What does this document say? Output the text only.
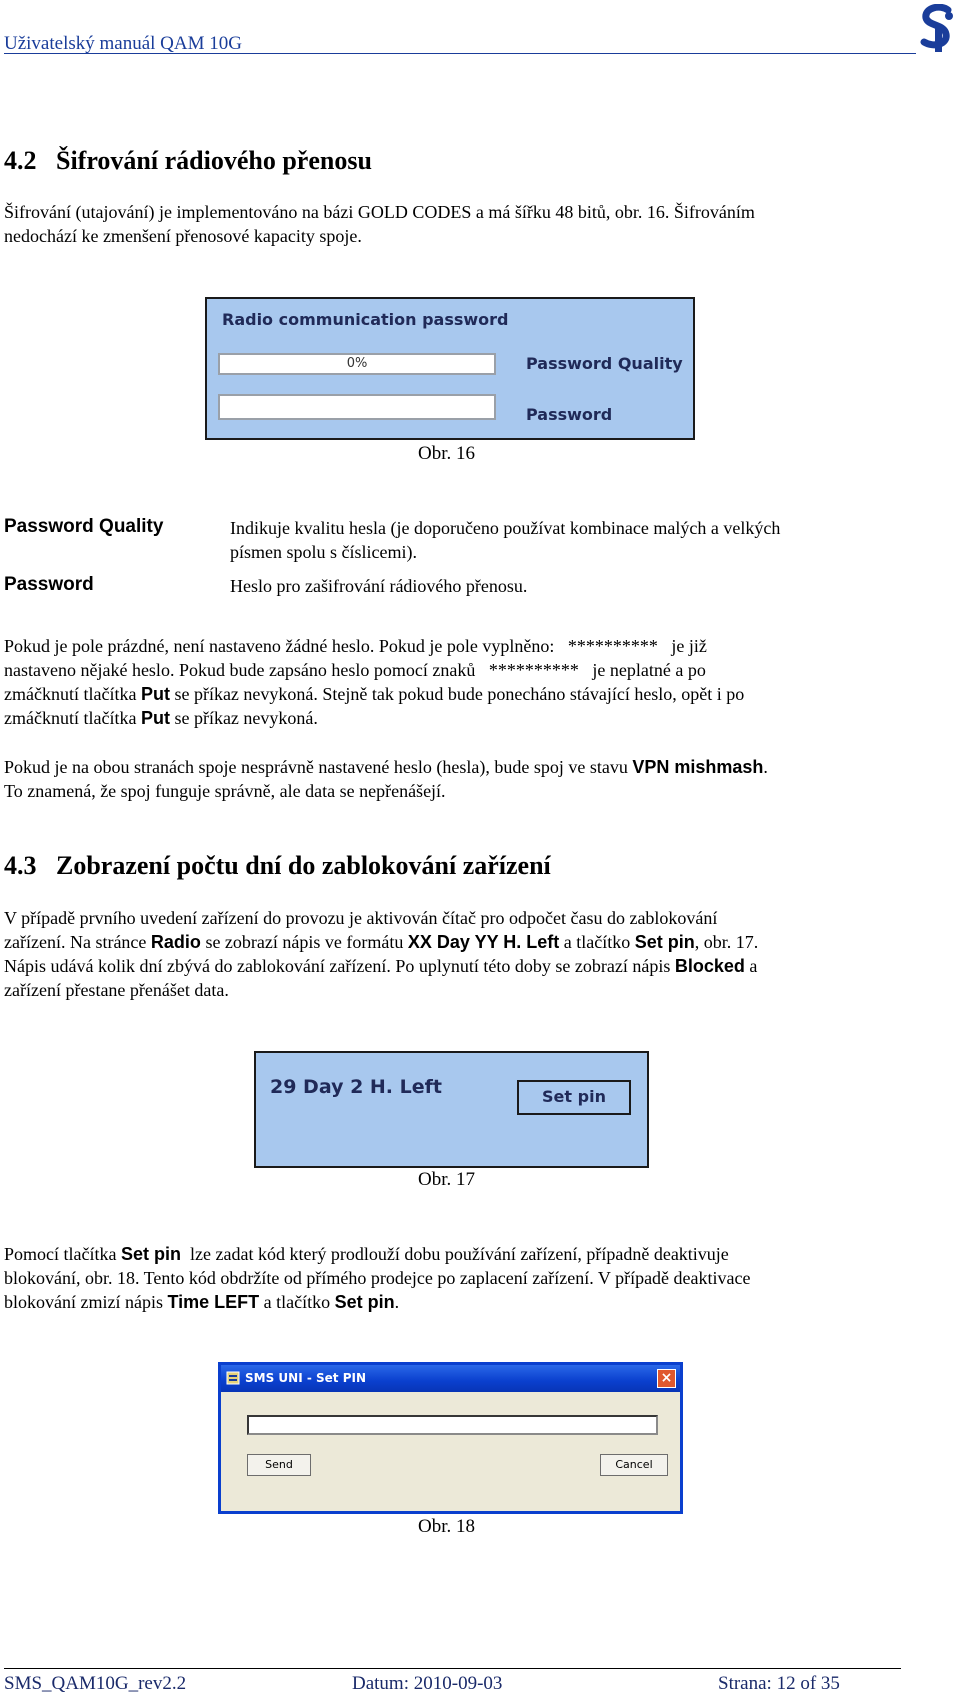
Uživatelský manuál QAM 10G
4.2   Šifrování rádiového přenosu
Šifrování (utajování) je implementováno na bázi GOLD CODES a má šířku 48 bitů, obr. 16. Šifrováním
nedochází ke zmenšení přenosové kapacity spoje.
Radio communication password
0%	Password Quality
Password
Obr. 16
Password Quality	Indikuje kvalitu hesla (je doporučeno používat kombinace malých a velkých
písmen spolu s číslicemi).
Password	Heslo pro zašifrování rádiového přenosu.
Pokud je pole prázdné, není nastaveno žádné heslo. Pokud je pole vyplněno: ********** je již
nastaveno nějaké heslo. Pokud bude zapsáno heslo pomocí znaků ********** je neplatné a po
zmáčknutí tlačítka Put se příkaz nevykoná. Stejně tak pokud bude ponecháno stávající heslo, opět i po
zmáčknutí tlačítka Put se příkaz nevykoná.
Pokud je na obou stranách spoje nesprávně nastavené heslo (hesla), bude spoj ve stavu VPN mishmash.
To znamená, že spoj funguje správně, ale data se nepřenášejí.
4.3   Zobrazení počtu dní do zablokování zařízení
V případě prvního uvedení zařízení do provozu je aktivován čítač pro odpočet času do zablokování
zařízení. Na stránce Radio se zobrazí nápis ve formátu XX Day YY H. Left a tlačítko Set pin, obr. 17.
Nápis udává kolik dní zbývá do zablokování zařízení. Po uplynutí této doby se zobrazí nápis Blocked a
zařízení přestane přenášet data.
29 Day 2 H. Left	Set pin
Obr. 17
Pomocí tlačítka Set pin lze zadat kód který prodlouží dobu používání zařízení, případně deaktivuje
blokování, obr. 18. Tento kód obdržíte od přímého prodejce po zaplacení zařízení. V případě deaktivace
blokování zmizí nápis Time LEFT a tlačítko Set pin.
SMS UNI - Set PIN	×
Send	Cancel
Obr. 18
SMS_QAM10G_rev2.2	Datum: 2010-09-03	Strana: 12 of 35
